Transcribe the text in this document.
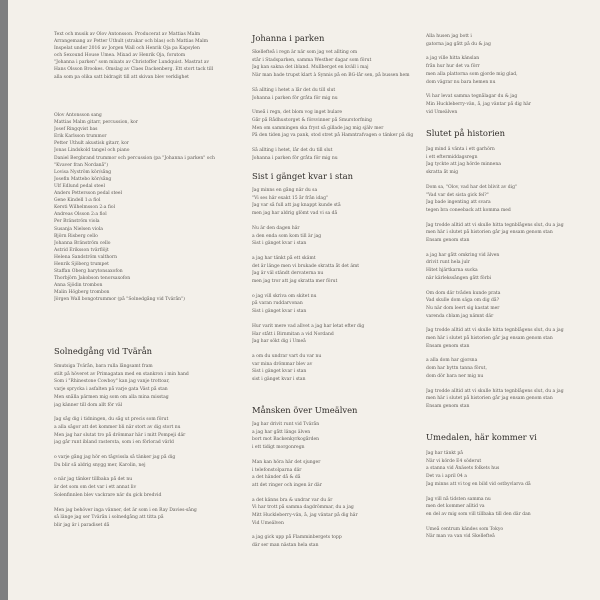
Text och musik av Olov Antonsson. Producerat av Mattias Malm

Arrangemang av Petter Uthult (strakar och blas) och Mattias Malm

Inspelat under 2016 av Jorgen Wall och Henrik Oja pa Kapsylen

och Sexound House Umea. Mixad av Henrik Oja, forutom

"Johanna i parken" som mixats av Christoffer Lundquist. Mastrat av

Hans Olsson Brookes. Omslag av Claes Dackenberg. Ett stort tack till

alla som pa olika satt bidragit till att skivan blev verklighet

Olov Antonsson sang

Mattias Malm gitarr, percussion, kor

Josef Ringqvist bas

Erik Karlsson trummor

Petter Uthult akustisk gitarr, kor

Jonas Lindskold tangel och piano

Daniel Bergbrand trummor och percussion (pa "Johanna i parken" och

"Kvaver fran Nordanå")

Lovisa Nyström kör/sång

Josefin Mattebo kör/sång

Ulf Edlund pedal steel

Anders Pettersson pedal steel

Gene Kindell 1:a fiol

Kersti Wilhelmsson 2:a fiol

Andreas Olsson 2:a fiol

Per Bränström viola

Susanja Nielsen viola

Björn Risberg cello

Johanna Bränström cello

Astrid Eriksson tvärflöjt

Helena Sandström valthorn

Henrik Sjöberg trumpet

Staffan Öberg barytonsaxofon

Thorbjörn Jakobson tenorsaxofon

Anna Sjödin trombon

Malin Högberg trombon

Jörgen Wall bongotrummor (på "Solnedgång vid Tvärån")

Solnedgång vid Tvärån

Smutsiga Tvärån, bara rulla långsamt fram

stilt på höveret av Primagatan med en stankron i min hand

Som i "Rhinestone Cowboy" kan jag vanje trottoar,

varje sprycka i asfalten på varje gata Väst på stan

Men snålla pärmen mig som om alla mina misstag

jag känner till dom allt för väl

Jag såg dig i tidningen, du såg ut precis som förut

a alla sågor att det kommer bli när stort av dig stort nu

Men jag har slutat tro på drömmar här i mitt Pompeji där

jag går runt ibland rastersta, som i en förlorad värld

o varje gång jag hör en tågvissla så tänker jag på dig

Du blir så aldrig snygg mer, Karolin, nej

o när jag tänker tillbaka på det nu

är det som om det var i ett annat liv

Solenfinnlen blev vackrare när du gick bredvid

Men jag behöver inga vänner, det är som i en Ray Davies-sång

så länge jag ser Tvärån i solnedgång att titta på

blir jag är i paradiset då

Johanna i parken

Skellefteå i regn är när som jag vet allting om

står i Stadsparken, samma Westher dagar som förut

Jag kan sakna det ibland. Mullberget en kväll i maj

När man bade trupst klart à Synnis på en BG-lår sen, på bussen hem

Så allting i hetet a lår det du till slut

Johanna i parken för gråta för mig nu

Umeå i regn, det blom vog inget bulare

Går på Rådhustorget & försvinner på Smurstorfning

Men om sammingen ska fryst så gillade jag mig själv mer

På den tiden jag va pank, stod stret på Hamntrafvagen o tänker på dig

Så allting i hetet, lår det du till slut

Johanna i parken för gråta för mig nu

Sist i gänget kvar i stan

Jag minns en gång när du sa

"Vi ses här exakt 15 år från idag"

Jag var så full att jag knappt kunde stå

men jag har aldrig glömt vad vi sa då

Nu är den dagen här

a den enda som kom till är jag

Sist i gänget kvar i stan

a jag har tänkt på ett skämt

det är länge men vi brukade skratta åt det ämt

Jag är väl ständt dervaterna nu

men jag tror att jag skratta mer förut

o jag vill skriva om skitet nu

på varan ruddarvonan

Sist i gänget kvar i stan

Hur varit mere vad allvet a jag har letat efter dig

Har stått i Birnmitan a vid Nordand

Jag har sökt dig i Umeå

a om du undrar vart du var nu

var mina drömmar blev av

Sist i gänget kvar i stan

sist i gänget kvar i stan

Månsken över Umeälven

Jag har drivit runt vid Tvärån

a jag har gått längs älven

bort mot Backenkyrkogården

i ett tidigt morgonregn

Man kan höra här det sjunger

i telefonstolparna där

a det händer då & då

att det ringer och ingen är där

a det känns bra & undrar var du är

Vi har trott på samma dagdrömmar, du a jag

Mitt Huckleberry-vän, å, jag väntar på dig här

Vid Umeälven

a jag gick upp på Flamminbergets topp

där ser man nästan hela stan

Alla husen jag bott i

gatorna jag gått på du & jag

a jag ville hitta känslan

från hur hur det va förr

men alla plattorna som gjorde mig glad,

dom vägrar nu bara hemen nu

Vi har levat samma tegnålagar du & jag

Min Huckleberry-vän, å, jag väntar på dig här

vid Umeälven

Slutet på historien

Jag mind ä vänta i ett garhörn

i ett eftermiddagsregn

Jag tyckte att jag hörde minnena

skratta åt mig

Dom sa, "Olov, vad har det blivit av dig"

"Vad var det sista gick fel?"

Jag bade ingenting att svara

tegen bra coneeback att komma med

Jag trodde alltid att vi skulle hitta tegnblågens slut, du a jag

men här i slutet på historien går jag ensam genom stan

Ensam genom stan

a jag har gått omkring vid älven

drivit runt hela julr

Hitet hjärtkarna sucka

när kärlekssången gått förbi

Om dom där tvåden kunde prata

Vad skulle dom säga om dig då?

Nu när dom leert sig kastat mer

varenda cblam jag nämnt där

Jag trodde alltid att vi skulle hitta tegnblågens slut, du a jag

men här i slutet på historien går jag ensam genom stan

Ensam genom stan

a alla dom har gjorsna

dom har byttn tanna förut,

dom dör bara ner mig nu

Jag trodde alltid att vi skulle hitta tegnblågens slut, du a jag

men här i slutet på historien går jag ensam genom stan

Ensam genom stan

Umedalen, här kommer vi

Jag har tänkt på

När vi körde E4 söderut

a stanna vid Ånäsets folkets hus

Det va i april 04 a

Jag minns att vi tog en bild vid ostbyvlarva då

Jag vill nå tidsten samma nu

men det kommer alltid va

en del av mig som vill tillbaka till den där dan

Umeå centrum kändes som Tokyo

När man va van vid Skellefteå
